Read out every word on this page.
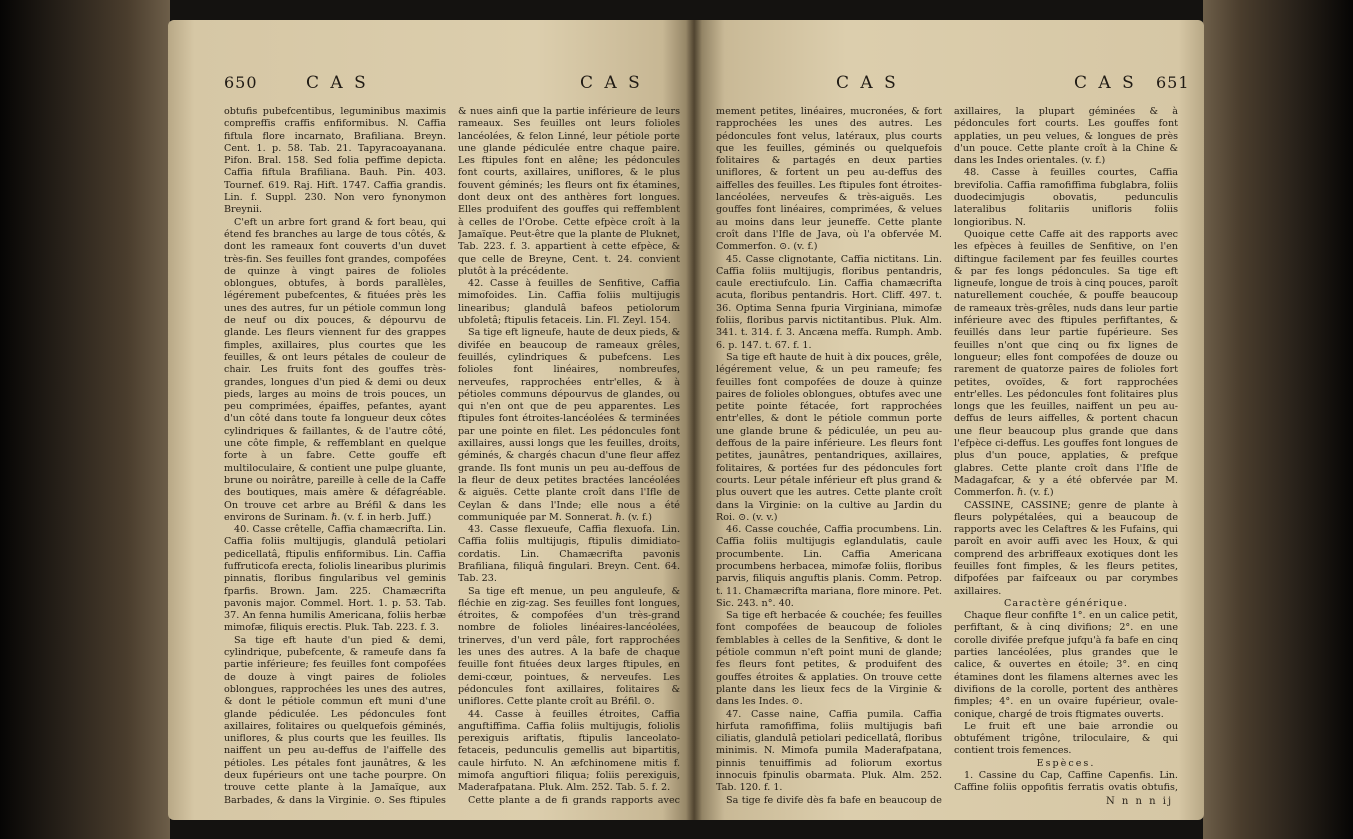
650	C A S	C A S

obtufis pubefcentibus, leguminibus maximis compreffis craffis enfiformibus. N. Caffia fiftula flore incarnato, Brafiliana. Breyn. Cent. 1. p. 58. Tab. 21. Tapyracoayanana. Pifon. Bral. 158. Sed folia peffime depicta. Caffia fiftula Brafiliana. Bauh. Pin. 403. Tournef. 619. Raj. Hift. 1747. Caffia grandis. Lin. f. Suppl. 230. Non vero fynonymon Breynii.

C'eft un arbre fort grand & fort beau, qui étend fes branches au large de tous côtés, & dont les rameaux font couverts d'un duvet très-fin. Ses feuilles font grandes, compofées de quinze à vingt paires de folioles oblongues, obtufes, à bords parallèles, légérement pubefcentes, & fituées près les unes des autres, fur un pétiole commun long de neuf ou dix pouces, & dépourvu de glande. Les fleurs viennent fur des grappes fimples, axillaires, plus courtes que les feuilles, & ont leurs pétales de couleur de chair. Les fruits font des gouffes très-grandes, longues d'un pied & demi ou deux pieds, larges au moins de trois pouces, un peu comprimées, épaiffes, pefantes, ayant d'un côté dans toute fa longueur deux côtes cylindriques & faillantes, & de l'autre côté, une côte fimple, & reffemblant en quelque forte à un fabre. Cette gouffe eft multiloculaire, & contient une pulpe gluante, brune ou noirâtre, pareille à celle de la Caffe des boutiques, mais amère & défagréable. On trouve cet arbre au Bréfil & dans les environs de Surinam. ℏ. (v. f. in herb. Juff.)

40. Casse crêtelle, Caffia chamæcrifta. Lin. Caffia foliis multijugis, glandulâ petiolari pedicellatâ, ftipulis enfiformibus. Lin. Caffia fuffruticofa erecta, foliolis linearibus plurimis pinnatis, floribus fingularibus vel geminis fparfis. Brown. Jam. 225. Chamæcrifta pavonis major. Commel. Hort. 1. p. 53. Tab. 37. An fenna humilis Americana, foliis herbæ mimofæ, filiquis erectis. Pluk. Tab. 223. f. 3.

Sa tige eft haute d'un pied & demi, cylindrique, pubefcente, & rameufe dans fa partie inférieure; fes feuilles font compofées de douze à vingt paires de folioles oblongues, rapprochées les unes des autres, & dont le pétiole commun eft muni d'une glande pédiculée. Les pédoncules font axillaires, folitaires ou quelquefois géminés, uniflores, & plus courts que les feuilles. Ils naiffent un peu au-deffus de l'aiffelle des pétioles. Les pétales font jaunâtres, & les deux fupérieurs ont une tache pourpre. On trouve cette plante à la Jamaïque, aux Barbades, & dans la Virginie. ⊙. Ses ftipules

& nues ainfi que la partie inférieure de leurs rameaux. Ses feuilles ont leurs folioles lancéolées, & felon Linné, leur pétiole porte une glande pédiculée entre chaque paire. Les ftipules font en alêne; les pédoncules font courts, axillaires, uniflores, & le plus fouvent géminés; les fleurs ont fix étamines, dont deux ont des anthères fort longues. Elles produifent des gouffes qui reffemblent à celles de l'Orobe. Cette efpèce croît à la Jamaïque. Peut-être que la plante de Pluknet, Tab. 223. f. 3. appartient à cette efpèce, & que celle de Breyne, Cent. t. 24. convient plutôt à la précédente.

42. Casse à feuilles de Senfitive, Caffia mimofoides. Lin. Caffia foliis multijugis linearibus; glandulâ bafeos petiolorum ubfoletâ; ftipulis fetaceis. Lin. Fl. Zeyl. 154.

Sa tige eft ligneufe, haute de deux pieds, & divifée en beaucoup de rameaux grêles, feuillés, cylindriques & pubefcens. Les folioles font linéaires, nombreufes, nerveufes, rapprochées entr'elles, & à pétioles communs dépourvus de glandes, ou qui n'en ont que de peu apparentes. Les ftipules font étroites-lancéolées & terminées par une pointe en filet. Les pédoncules font axillaires, aussi longs que les feuilles, droits, géminés, & chargés chacun d'une fleur affez grande. Ils font munis un peu au-deffous de la fleur de deux petites bractées lancéolées & aiguës. Cette plante croît dans l'Ifle de Ceylan & dans l'Inde; elle nous a été communiquée par M. Sonnerat. ℏ. (v. f.)

43. Casse flexueufe, Caffia flexuofa. Lin. Caffia foliis multijugis, ftipulis dimidiato-cordatis. Lin. Chamæcrifta pavonis Brafiliana, filiquâ fingulari. Breyn. Cent. 64. Tab. 23.

Sa tige eft menue, un peu anguleufe, & fléchie en zig-zag. Ses feuilles font longues, étroites, & compofées d'un très-grand nombre de folioles linéaires-lancéolées, trinerves, d'un verd pâle, fort rapprochées les unes des autres. A la bafe de chaque feuille font fituées deux larges ftipules, en demi-cœur, pointues, & nerveufes. Les pédoncules font axillaires, folitaires & uniflores. Cette plante croît au Bréfil. ⊙.

44. Casse à feuilles étroites, Caffia anguftiffima. Caffia foliis multijugis, foliolis perexiguis ariftatis, ftipulis lanceolato-fetaceis, pedunculis gemellis aut bipartitis, caule hirfuto. N. An æfchinomene mitis f. mimofa anguftiori filiqua; foliis perexiguis, Maderafpatana. Pluk. Alm. 252. Tab. 5. f. 2.

Cette plante a de fi grands rapports avec

C A S	C A S 651

mement petites, linéaires, mucronées, & fort rapprochées les unes des autres. Les pédoncules font velus, latéraux, plus courts que les feuilles, géminés ou quelquefois folitaires & partagés en deux parties uniflores, & fortent un peu au-deffus des aiffelles des feuilles. Les ftipules font étroites-lancéolées, nerveufes & très-aiguës. Les gouffes font linéaires, comprimées, & velues au moins dans leur jeuneffe. Cette plante croît dans l'Ifle de Java, où l'a obfervée M. Commerfon. ⊙. (v. f.)

45. Casse clignotante, Caffia nictitans. Lin. Caffia foliis multijugis, floribus pentandris, caule erectiufculo. Lin. Caffia chamæcrifta acuta, floribus pentandris. Hort. Cliff. 497. t. 36. Optima Senna fpuria Virginiana, mimofæ foliis, floribus parvis nictitantibus. Pluk. Alm. 341. t. 314. f. 3. Ancæna meffa. Rumph. Amb. 6. p. 147. t. 67. f. 1.

Sa tige eft haute de huit à dix pouces, grêle, légérement velue, & un peu rameufe; fes feuilles font compofées de douze à quinze paires de folioles oblongues, obtufes avec une petite pointe fétacée, fort rapprochées entr'elles, & dont le pétiole commun porte une glande brune & pédiculée, un peu au-deffous de la paire inférieure. Les fleurs font petites, jaunâtres, pentandriques, axillaires, folitaires, & portées fur des pédoncules fort courts. Leur pétale inférieur eft plus grand & plus ouvert que les autres. Cette plante croît dans la Virginie: on la cultive au Jardin du Roi. ⊙. (v. v.)

46. Casse couchée, Caffia procumbens. Lin. Caffia foliis multijugis eglandulatis, caule procumbente. Lin. Caffia Americana procumbens herbacea, mimofæ foliis, floribus parvis, filiquis anguftis planis. Comm. Petrop. t. 11. Chamæcrifta mariana, flore minore. Pet. Sic. 243. n°. 40.

Sa tige eft herbacée & couchée; fes feuilles font compofées de beaucoup de folioles femblables à celles de la Senfitive, & dont le pétiole commun n'eft point muni de glande; fes fleurs font petites, & produifent des gouffes étroites & applaties. On trouve cette plante dans les lieux fecs de la Virginie & dans les Indes. ⊙.

47. Casse naine, Caffia pumila. Caffia hirfuta ramofiffima, foliis multijugis bafi ciliatis, glandulâ petiolari pedicellatâ, floribus minimis. N. Mimofa pumila Maderafpatana, pinnis tenuiffimis ad foliorum exortus innocuis fpinulis obarmata. Pluk. Alm. 252. Tab. 120. f. 1.

Sa tige fe divife dès fa bafe en beaucoup de

axillaires, la plupart géminées & à pédoncules fort courts. Les gouffes font applaties, un peu velues, & longues de près d'un pouce. Cette plante croît à la Chine & dans les Indes orientales. (v. f.)

48. Casse à feuilles courtes, Caffia brevifolia. Caffia ramofiffima fubglabra, foliis duodecimjugis obovatis, pedunculis lateralibus folitariis unifloris foliis longioribus. N.

Quoique cette Caffe ait des rapports avec les efpèces à feuilles de Senfitive, on l'en diftingue facilement par fes feuilles courtes & par fes longs pédoncules. Sa tige eft ligneufe, longue de trois à cinq pouces, paroît naturellement couchée, & pouffe beaucoup de rameaux très-grêles, nuds dans leur partie inférieure avec des ftipules perfiftantes, & feuillés dans leur partie fupérieure. Ses feuilles n'ont que cinq ou fix lignes de longueur; elles font compofées de douze ou rarement de quatorze paires de folioles fort petites, ovoïdes, & fort rapprochées entr'elles. Les pédoncules font folitaires plus longs que les feuilles, naiffent un peu au-deffus de leurs aiffelles, & portent chacun une fleur beaucoup plus grande que dans l'efpèce ci-deffus. Les gouffes font longues de plus d'un pouce, applaties, & prefque glabres. Cette plante croît dans l'Ifle de Madagafcar, & y a été obfervée par M. Commerfon. ℏ. (v. f.)

CASSINE, CASSINE; genre de plante à fleurs polypétalées, qui a beaucoup de rapports avec les Celaftres & les Fufains, qui paroît en avoir auffi avec les Houx, & qui comprend des arbriffeaux exotiques dont les feuilles font fimples, & les fleurs petites, difpofées par faifceaux ou par corymbes axillaires.

Caractère générique.

Chaque fleur confifte 1°. en un calice petit, perfiftant, & à cinq divifions; 2°. en une corolle divifée prefque jufqu'à fa bafe en cinq parties lancéolées, plus grandes que le calice, & ouvertes en étoile; 3°. en cinq étamines dont les filamens alternes avec les divifions de la corolle, portent des anthères fimples; 4°. en un ovaire fupérieur, ovale-conique, chargé de trois ftigmates ouverts.

Le fruit eft une baie arrondie ou obtufément trigône, triloculaire, & qui contient trois femences.

Espèces.

1. Cassine du Cap, Caffine Capenfis. Lin. Caffine foliis oppofitis ferratis ovatis obtufis,

N n n n ij
